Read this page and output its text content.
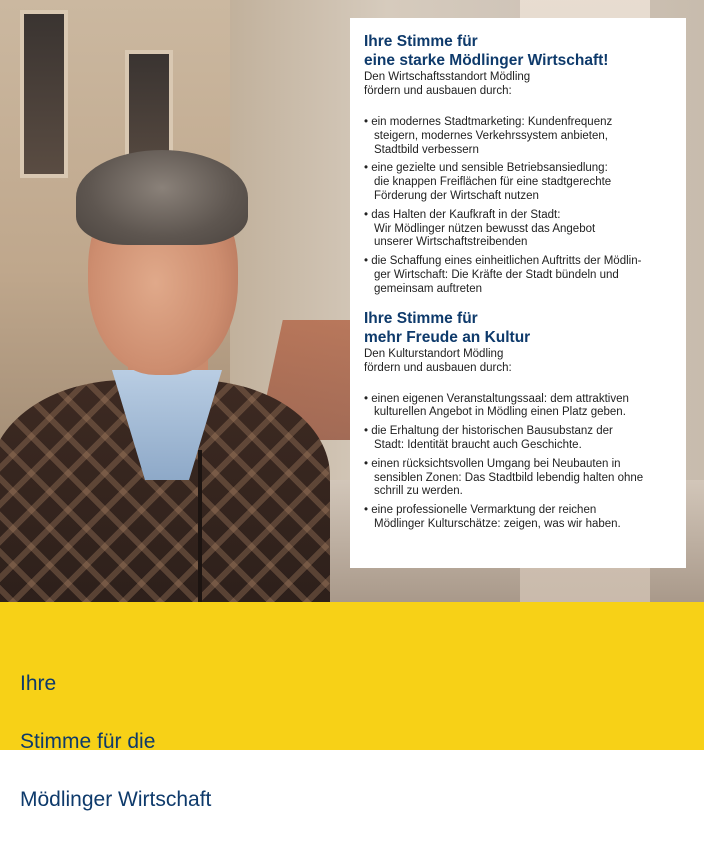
Ihre Stimme für

eine starke Mödlinger Wirtschaft!

Den Wirtschaftsstandort Mödling

fördern und ausbauen durch:

• ein modernes Stadtmarketing: Kundenfrequenz
steigern, modernes Verkehrssystem anbieten,
Stadtbild verbessern
• eine gezielte und sensible Betriebsansiedlung:
die knappen Freiflächen für eine stadtgerechte
Förderung der Wirtschaft nutzen
• das Halten der Kaufkraft in der Stadt:
Wir Mödlinger nützen bewusst das Angebot
unserer Wirtschaftstreibenden
• die Schaffung eines einheitlichen Auftritts der Mödlin-
ger Wirtschaft: Die Kräfte der Stadt bündeln und
gemeinsam auftreten

Ihre Stimme für

mehr Freude an Kultur

Den Kulturstandort Mödling

fördern und ausbauen durch:

• einen eigenen Veranstaltungssaal: dem attraktiven
kulturellen Angebot in Mödling einen Platz geben.
• die Erhaltung der historischen Bausubstanz der
Stadt: Identität braucht auch Geschichte.
• einen rücksichtsvollen Umgang bei Neubauten in
sensiblen Zonen: Das Stadtbild lebendig halten ohne
schrill zu werden.
• eine professionelle Vermarktung der reichen
Mödlinger Kulturschätze: zeigen, was wir haben.

Ihre

Stimme für die

Mödlinger Wirtschaft
